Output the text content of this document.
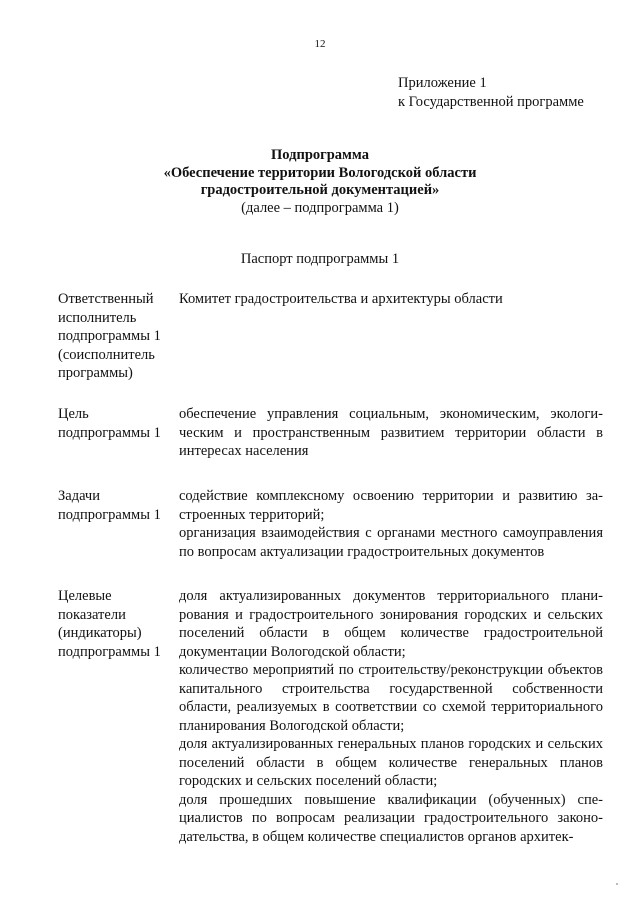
12
Приложение 1
к Государственной программе
Подпрограмма
«Обеспечение территории Вологодской области
градостроительной документацией»
(далее – подпрограмма 1)
Паспорт подпрограммы 1
Ответственный
исполнитель
подпрограммы 1
(соисполнитель
программы)
Комитет градостроительства и архитектуры области
Цель
подпрограммы 1
обеспечение управления социальным, экономическим, экологическим и пространственным развитием территории области в интересах населения
Задачи
подпрограммы 1
содействие комплексному освоению территории и развитию застроенных территорий;
организация взаимодействия с органами местного самоуправления по вопросам актуализации градостроительных документов
Целевые
показатели
(индикаторы)
подпрограммы 1
доля актуализированных документов территориального планирования и градостроительного зонирования городских и сельских поселений области в общем количестве градостроительной документации Вологодской области;
количество мероприятий по строительству/реконструкции объектов капитального строительства государственной собственности области, реализуемых в соответствии со схемой территориального планирования Вологодской области;
доля актуализированных генеральных планов городских и сельских поселений области в общем количестве генеральных планов городских и сельских поселений области;
доля прошедших повышение квалификации (обученных) специалистов по вопросам реализации градостроительного законодательства, в общем количестве специалистов органов архитек-
